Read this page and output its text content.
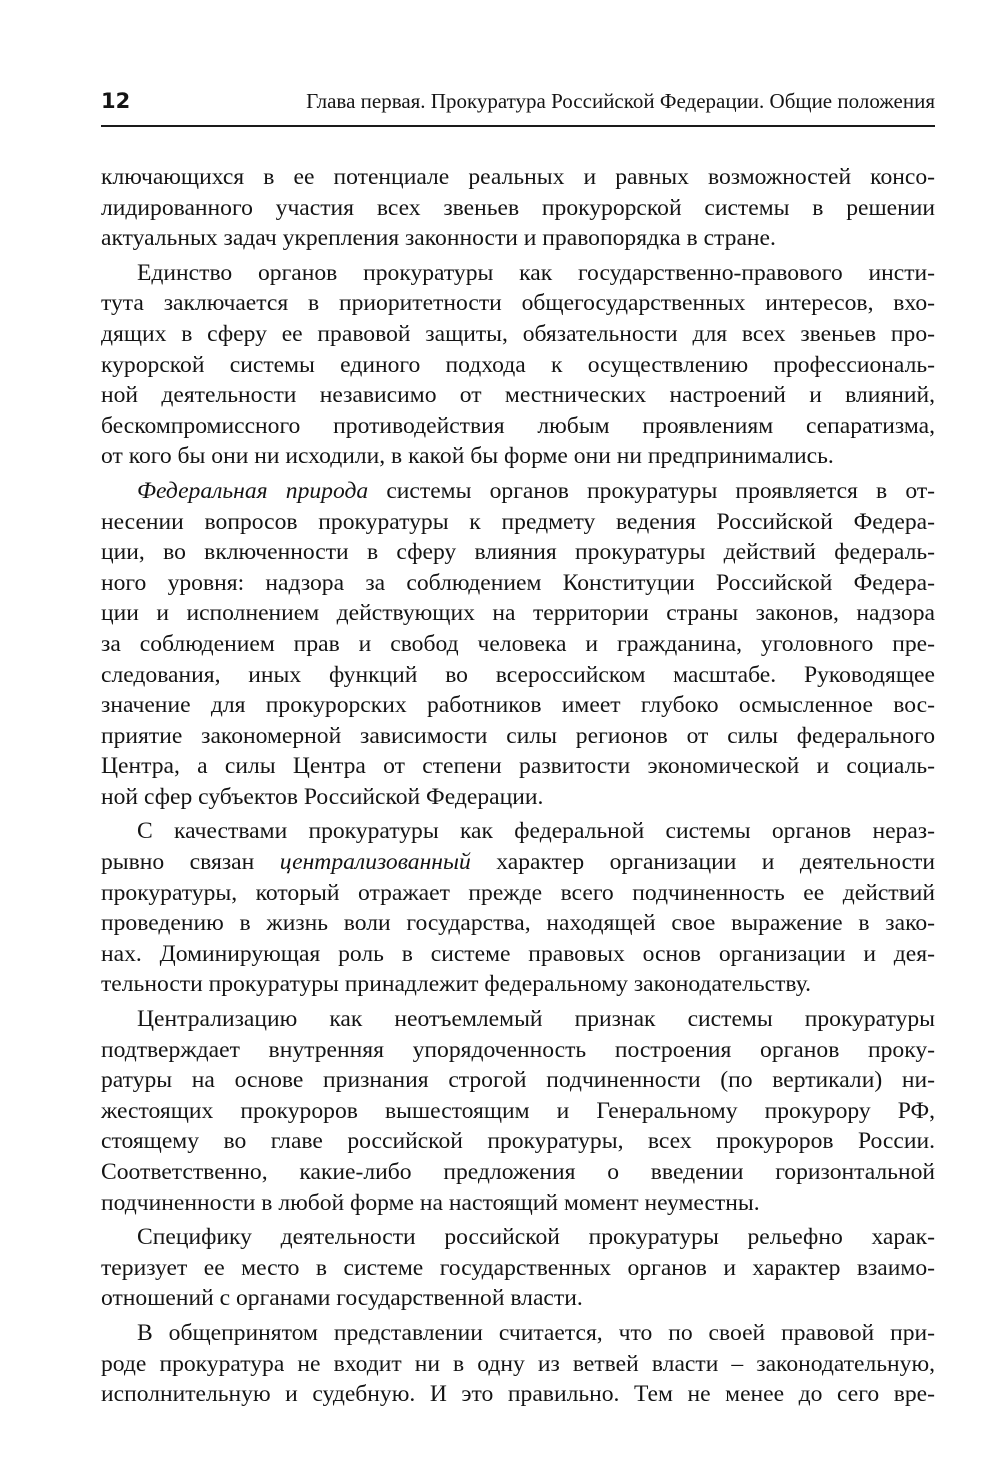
12	Глава первая. Прокуратура Российской Федерации. Общие положения
ключающихся в ее потенциале реальных и равных возможностей консо-
лидированного участия всех звеньев прокурорской системы в решении
актуальных задач укрепления законности и правопорядка в стране.
Единство органов прокуратуры как государственно-правового инсти-
тута заключается в приоритетности общегосударственных интересов, вхо-
дящих в сферу ее правовой защиты, обязательности для всех звеньев про-
курорской системы единого подхода к осуществлению профессиональ-
ной деятельности независимо от местнических настроений и влияний,
бескомпромиссного противодействия любым проявлениям сепаратизма,
от кого бы они ни исходили, в какой бы форме они ни предпринимались.
Федеральная природа системы органов прокуратуры проявляется в от-
несении вопросов прокуратуры к предмету ведения Российской Федера-
ции, во включенности в сферу влияния прокуратуры действий федераль-
ного уровня: надзора за соблюдением Конституции Российской Федера-
ции и исполнением действующих на территории страны законов, надзора
за соблюдением прав и свобод человека и гражданина, уголовного пре-
следования, иных функций во всероссийском масштабе. Руководящее
значение для прокурорских работников имеет глубоко осмысленное вос-
приятие закономерной зависимости силы регионов от силы федерального
Центра, а силы Центра от степени развитости экономической и социаль-
ной сфер субъектов Российской Федерации.
С качествами прокуратуры как федеральной системы органов нераз-
рывно связан централизованный характер организации и деятельности
прокуратуры, который отражает прежде всего подчиненность ее действий
проведению в жизнь воли государства, находящей свое выражение в зако-
нах. Доминирующая роль в системе правовых основ организации и дея-
тельности прокуратуры принадлежит федеральному законодательству.
Централизацию как неотъемлемый признак системы прокуратуры
подтверждает внутренняя упорядоченность построения органов проку-
ратуры на основе признания строгой подчиненности (по вертикали) ни-
жестоящих прокуроров вышестоящим и Генеральному прокурору РФ,
стоящему во главе российской прокуратуры, всех прокуроров России.
Соответственно, какие-либо предложения о введении горизонтальной
подчиненности в любой форме на настоящий момент неуместны.
Специфику деятельности российской прокуратуры рельефно харак-
теризует ее место в системе государственных органов и характер взаимо-
отношений с органами государственной власти.
В общепринятом представлении считается, что по своей правовой при-
роде прокуратура не входит ни в одну из ветвей власти – законодательную,
исполнительную и судебную. И это правильно. Тем не менее до сего вре-
